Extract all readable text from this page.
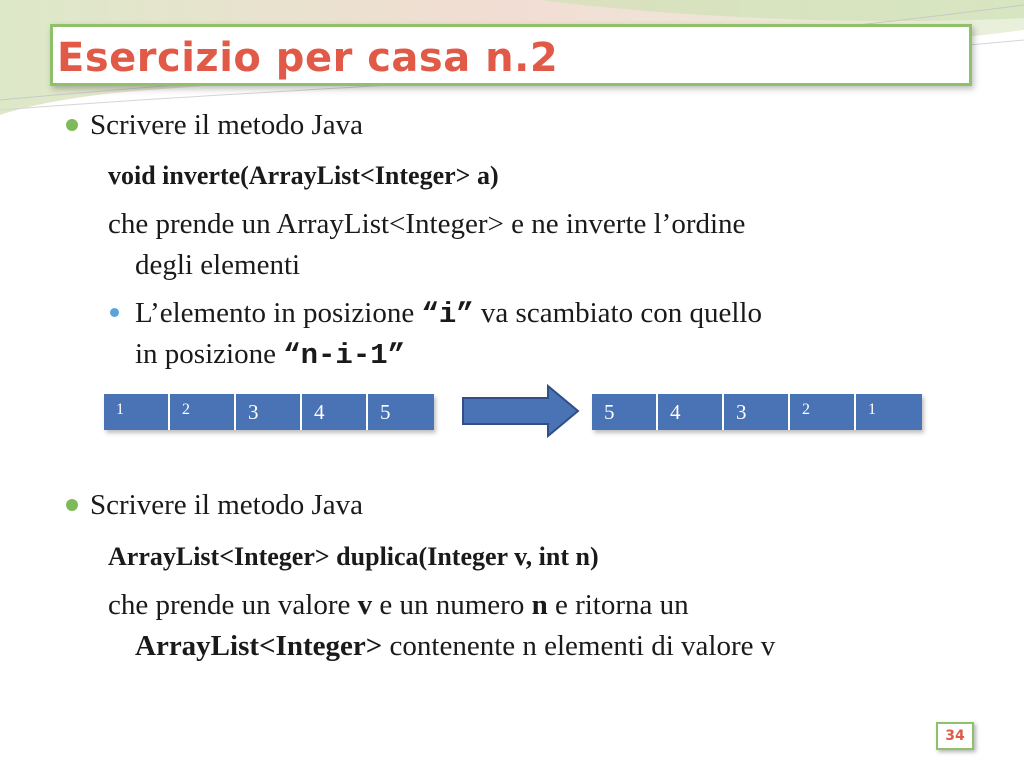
Esercizio per casa n.2
Scrivere il metodo Java
void inverte(ArrayList<Integer> a)
che prende un ArrayList<Integer> e ne inverte l’ordine
degli elementi
L’elemento in posizione “i” va scambiato con quello
in posizione “n-i-1”
1	2	3	4	5	5	4	3	2	1
Scrivere il metodo Java
ArrayList<Integer> duplica(Integer v, int n)
che prende un valore v e un numero n e ritorna un
ArrayList<Integer> contenente n elementi di valore v
34
